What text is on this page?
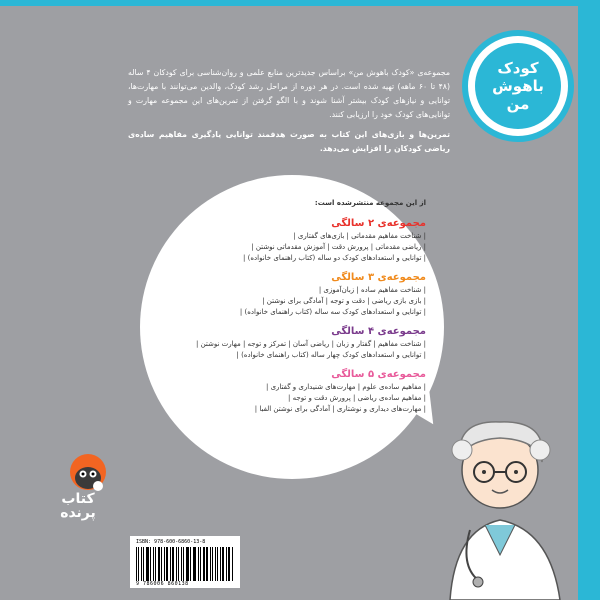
کودک
باهوش
من

مجموعه‌ی «کودک باهوش من» براساس جدیدترین منابع علمی و روان‌شناسی برای کودکان ۴ ساله (۴۸ تا ۶۰ ماهه) تهیه شده است. در هر دوره از مراحل رشد کودک، والدین می‌توانند با مهارت‌ها، توانایی و نیازهای کودک بیشتر آشنا شوند و با الگو گرفتن از تمرین‌های این مجموعه مهارت و توانایی‌های کودک خود را ارزیابی کنند.

تمرین‌ها و بازی‌های این کتاب به صورت هدفمند توانایی یادگیری مفاهیم ساده‌ی ریاضی کودکان را افزایش می‌دهد.

از این مجموعه منتشرشده است:
مجموعه‌ی ۲ سالگی
| شناخت مفاهیم مقدماتی | بازی‌های گفتاری |
| ریاضی مقدماتی | پرورش دقت | آموزش مقدماتی نوشتن |
| توانایی و استعدادهای کودک دو ساله (کتاب راهنمای خانواده) |
مجموعه‌ی ۳ سالگی
| شناخت مفاهیم ساده | زبان‌آموزی |
| بازی بازی ریاضی | دقت و توجه | آمادگی برای نوشتن |
| توانایی و استعدادهای کودک سه ساله (کتاب راهنمای خانواده) |
مجموعه‌ی ۴ سالگی
| شناخت مفاهیم | گفتار و زبان | ریاضی آسان | تمرکز و توجه | مهارت نوشتن |
| توانایی و استعدادهای کودک چهار ساله (کتاب راهنمای خانواده) |
مجموعه‌ی ۵ سالگی
| مفاهیم ساده‌ی علوم | مهارت‌های شنیداری و گفتاری |
| مفاهیم ساده‌ی ریاضی | پرورش دقت و توجه |
| مهارت‌های دیداری و نوشتاری | آمادگی برای نوشتن الفبا |
کتاب
پرنده
ISBN: 978-600-6860-13-8
9 786006 860138
